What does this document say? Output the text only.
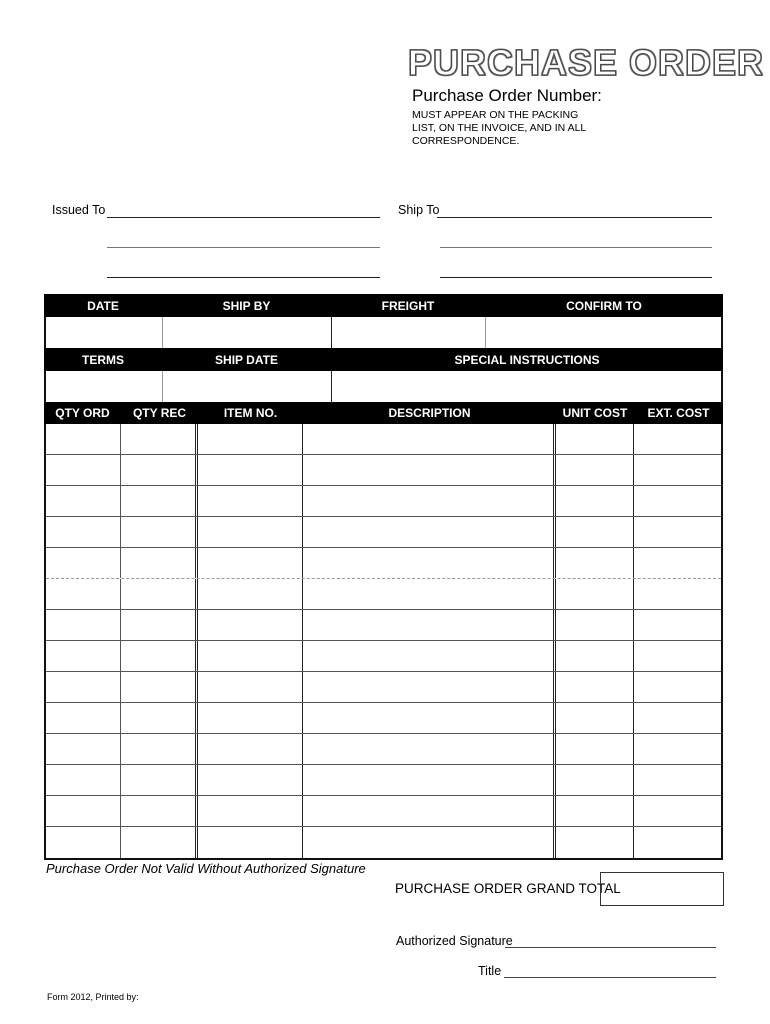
PURCHASE ORDER
Purchase Order Number:
MUST APPEAR ON THE PACKING
LIST, ON THE INVOICE, AND IN ALL
CORRESPONDENCE.
Issued To	Ship To
DATE	SHIP BY	FREIGHT	CONFIRM TO
TERMS	SHIP DATE	SPECIAL INSTRUCTIONS
QTY ORD	QTY REC	ITEM NO.	DESCRIPTION	UNIT COST	EXT. COST
Purchase Order Not Valid Without Authorized Signature
PURCHASE ORDER GRAND TOTAL
Authorized Signature
Title
Form 2012, Printed by:
